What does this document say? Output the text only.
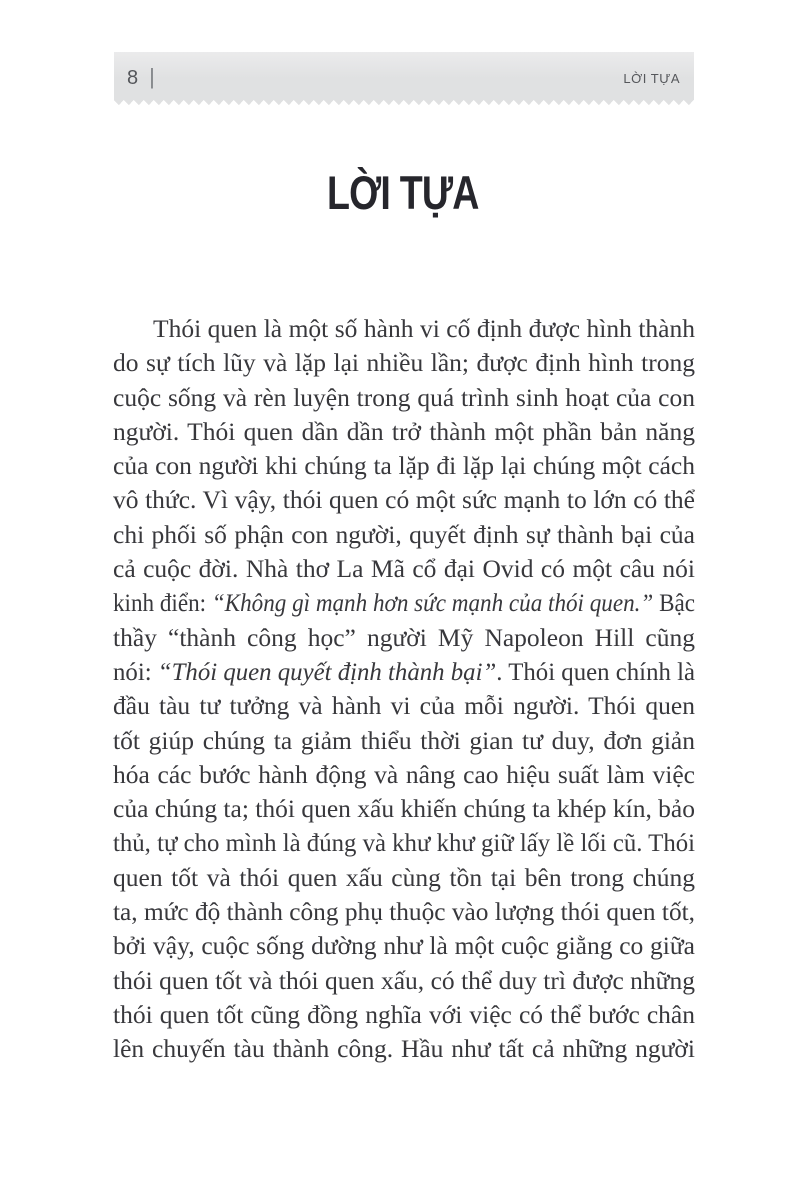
8 |	LỜI TỰA
LỜI TỰA
Thói quen là một số hành vi cố định được hình thành
do sự tích lũy và lặp lại nhiều lần; được định hình trong
cuộc sống và rèn luyện trong quá trình sinh hoạt của con
người. Thói quen dần dần trở thành một phần bản năng
của con người khi chúng ta lặp đi lặp lại chúng một cách
vô thức. Vì vậy, thói quen có một sức mạnh to lớn có thể
chi phối số phận con người, quyết định sự thành bại của
cả cuộc đời. Nhà thơ La Mã cổ đại Ovid có một câu nói
kinh điển: “Không gì mạnh hơn sức mạnh của thói quen.” Bậc
thầy “thành công học” người Mỹ Napoleon Hill cũng
nói: “Thói quen quyết định thành bại”. Thói quen chính là
đầu tàu tư tưởng và hành vi của mỗi người. Thói quen
tốt giúp chúng ta giảm thiểu thời gian tư duy, đơn giản
hóa các bước hành động và nâng cao hiệu suất làm việc
của chúng ta; thói quen xấu khiến chúng ta khép kín, bảo
thủ, tự cho mình là đúng và khư khư giữ lấy lề lối cũ. Thói
quen tốt và thói quen xấu cùng tồn tại bên trong chúng
ta, mức độ thành công phụ thuộc vào lượng thói quen tốt,
bởi vậy, cuộc sống dường như là một cuộc giằng co giữa
thói quen tốt và thói quen xấu, có thể duy trì được những
thói quen tốt cũng đồng nghĩa với việc có thể bước chân
lên chuyến tàu thành công. Hầu như tất cả những người
